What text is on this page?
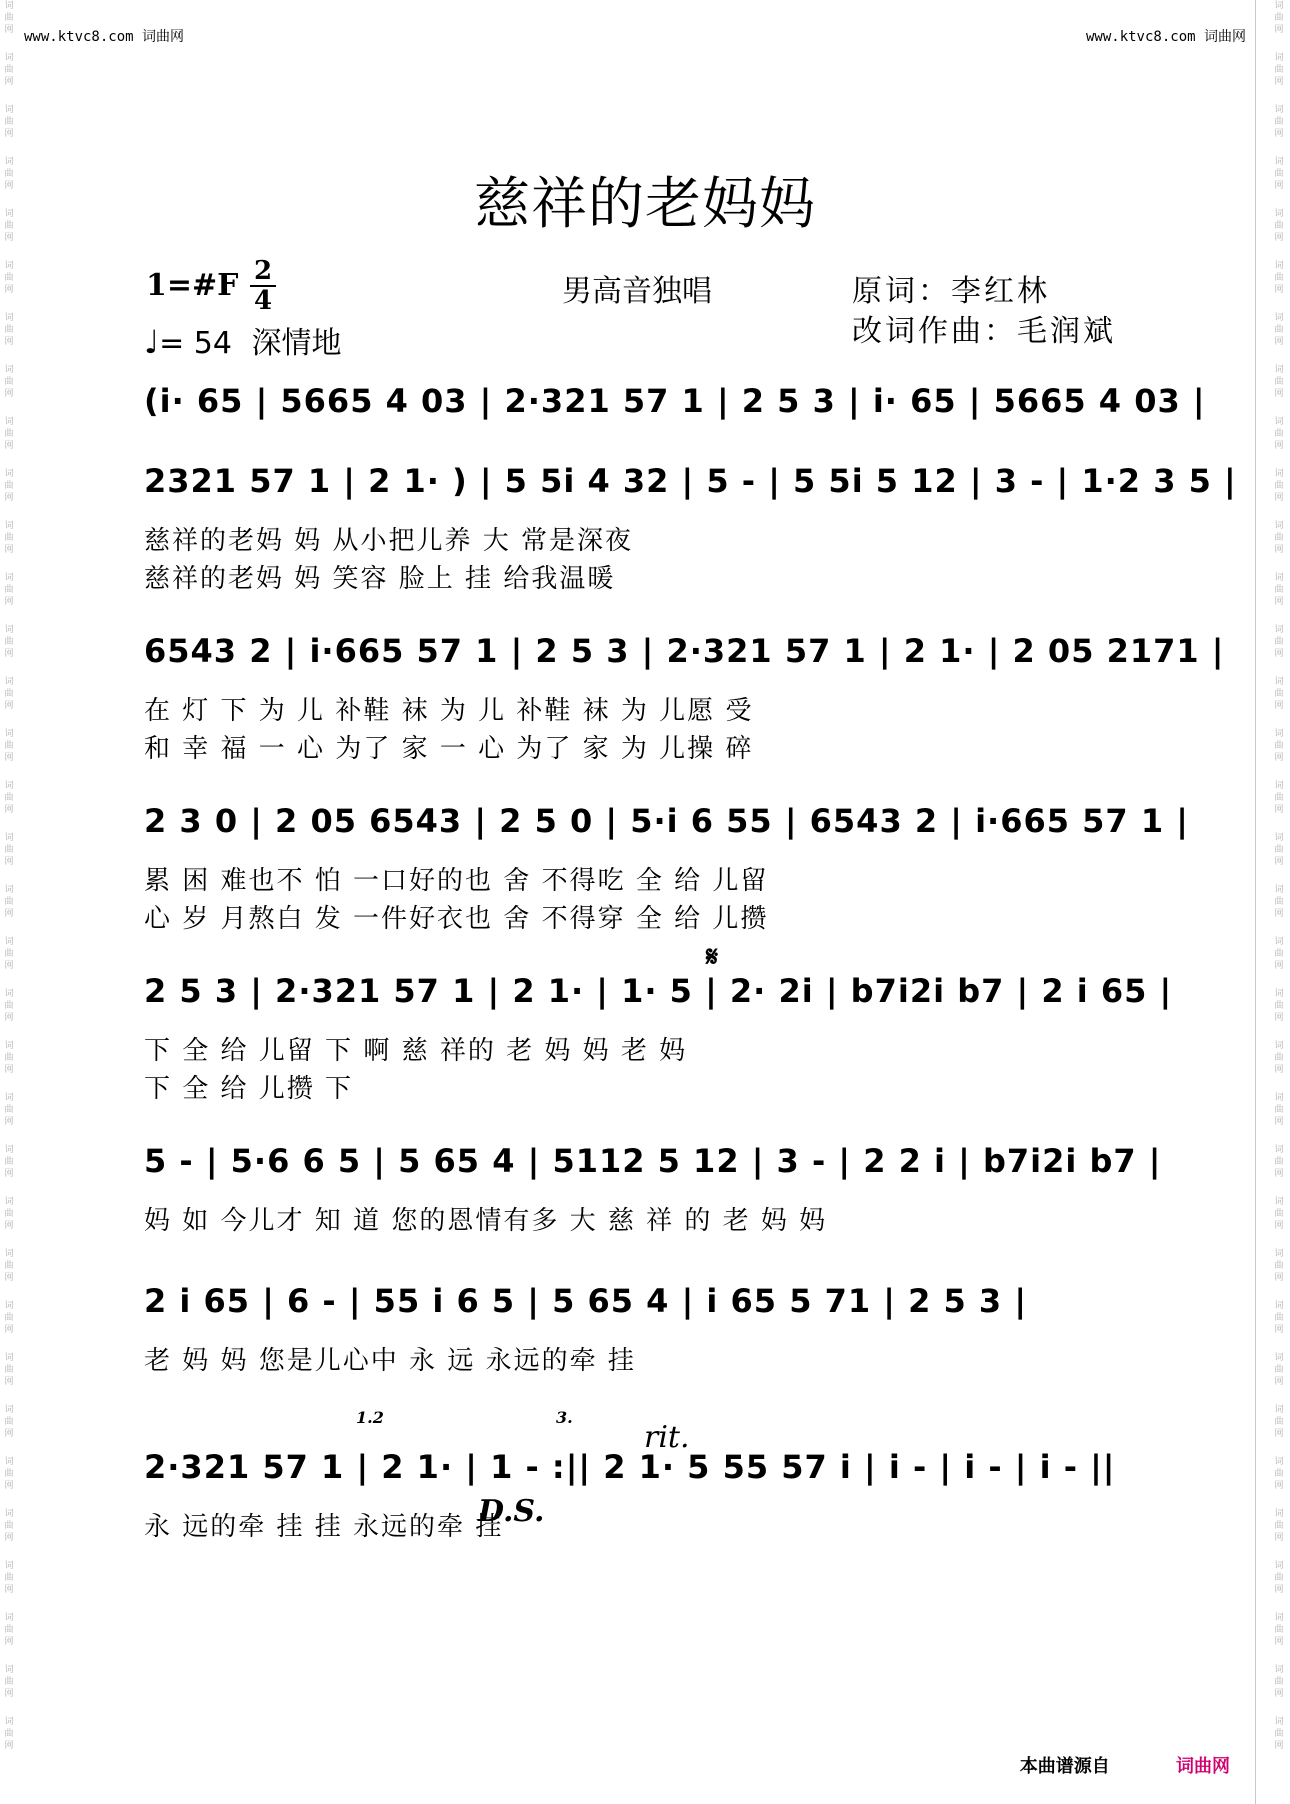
词曲网
词曲网
词曲网
词曲网
词曲网
词曲网
词曲网
词曲网
词曲网
词曲网
词曲网
词曲网
词曲网
词曲网
词曲网
词曲网
词曲网
词曲网
词曲网
词曲网
词曲网
词曲网
词曲网
词曲网
词曲网
词曲网
词曲网
词曲网
词曲网
词曲网
词曲网
词曲网
词曲网
词曲网
词曲网
词曲网
词曲网
词曲网
词曲网
词曲网
词曲网
词曲网
词曲网
词曲网
词曲网
词曲网
词曲网
词曲网
词曲网
词曲网
词曲网
词曲网
词曲网
词曲网
词曲网
词曲网
词曲网
词曲网
词曲网
词曲网
词曲网
词曲网
词曲网
词曲网
词曲网
词曲网
词曲网
词曲网
www.ktvc8.com 词曲网	www.ktvc8.com 词曲网
慈祥的老妈妈
1=#F 2
4
♩= 54 深情地
男高音独唱	原词：李红林
改词作曲：毛润斌
(i· 65 | 5665 4 03 | 2·321 57 1 | 2 5 3 | i· 65 | 5665 4 03 |
2321 57 1 | 2 1· ) | 5 5i 4 32 | 5 - | 5 5i 5 12 | 3 - | 1·2 3 5 |
慈祥的老妈 妈 从小把儿养 大 常是深夜
慈祥的老妈 妈 笑容 脸上 挂 给我温暖
6543 2 | i·665 57 1 | 2 5 3 | 2·321 57 1 | 2 1· | 2 05 2171 |
在 灯 下 为 儿 补鞋 袜 为 儿 补鞋 袜 为 儿愿 受
和 幸 福 一 心 为了 家 一 心 为了 家 为 儿操 碎
2 3 0 | 2 05 6543 | 2 5 0 | 5·i 6 55 | 6543 2 | i·665 57 1 |
累 困 难也不 怕 一口好的也 舍 不得吃 全 给 儿留
心 岁 月熬白 发 一件好衣也 舍 不得穿 全 给 儿攒
2 5 3 | 2·321 57 1 | 2 1· | 1· 5 | 2· 2i | b7i2i b7 | 2 i 65 |
下 全 给 儿留 下 啊 慈 祥的 老 妈 妈 老 妈
下 全 给 儿攒 下
5 - | 5·6 6 5 | 5 65 4 | 5112 5 12 | 3 - | 2 2 i | b7i2i b7 |
妈 如 今儿才 知 道 您的恩情有多 大 慈 祥 的 老 妈 妈
2 i 65 | 6 - | 55 i 6 5 | 5 65 4 | i 65 5 71 | 2 5 3 |
老 妈 妈 您是儿心中 永 远 永远的牵 挂
2·321 57 1 | 2 1· | 1 - :|| 2 1· 5 55 57 i | i - | i - | i - ||
永 远的牵 挂 挂 永远的牵 挂
𝄋
1.2	3.
rit.
D.S.
本曲谱源自	词曲网
